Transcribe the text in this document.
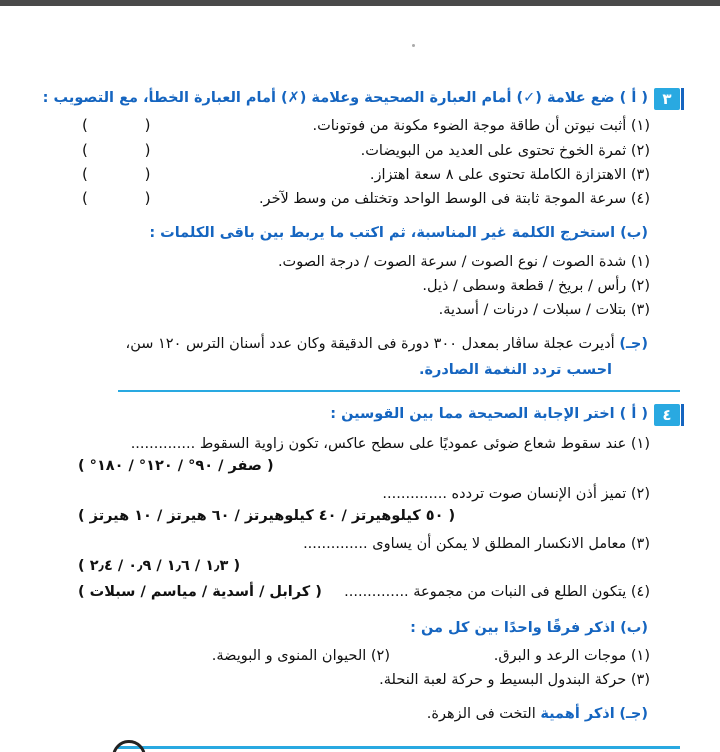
٣
( أ ) ضع علامة (✓) أمام العبارة الصحيحة وعلامة (✗) أمام العبارة الخطأ، مع التصويب :
(١) أثبت نيوتن أن طاقة موجة الضوء مكونة من فوتونات.
( )
(٢) ثمرة الخوخ تحتوى على العديد من البويضات.
( )
(٣) الاهتزازة الكاملة تحتوى على ٨ سعة اهتزاز.
( )
(٤) سرعة الموجة ثابتة فى الوسط الواحد وتختلف من وسط لآخر.
( )
(ب) استخرج الكلمة غير المناسبة، ثم اكتب ما يربط بين باقى الكلمات :
(١) شدة الصوت / نوع الصوت / سرعة الصوت / درجة الصوت.
(٢) رأس / بريخ / قطعة وسطى / ذيل.
(٣) بتلات / سبلات / درنات / أسدية.
(جـ) أديرت عجلة ساڤار بمعدل ٣٠٠ دورة فى الدقيقة وكان عدد أسنان الترس ١٢٠ سن،
احسب تردد النغمة الصادرة.
٤
( أ ) اختر الإجابة الصحيحة مما بين القوسين :
(١) عند سقوط شعاع ضوئى عموديًا على سطح عاكس، تكون زاوية السقوط ..............
( صفر / ٩٠° / ١٢٠° / ١٨٠° )
(٢) تميز أذن الإنسان صوت تردده ..............
( ٥٠ كيلوهيرتز / ٤٠ كيلوهيرتز / ٦٠ هيرتز / ١٠ هيرتز )
(٣) معامل الانكسار المطلق لا يمكن أن يساوى ..............
( ١٫٣ / ١٫٦ / ٠٫٩ / ٢٫٤ )
(٤) يتكون الطلع فى النبات من مجموعة ..............
( كرابل / أسدية / مياسم / سبلات )
(ب) اذكر فرقًا واحدًا بين كل من :
(١) موجات الرعد و البرق.
(٢) الحيوان المنوى و البويضة.
(٣) حركة البندول البسيط و حركة لعبة النحلة.
(جـ) اذكر أهمية التخت فى الزهرة.
